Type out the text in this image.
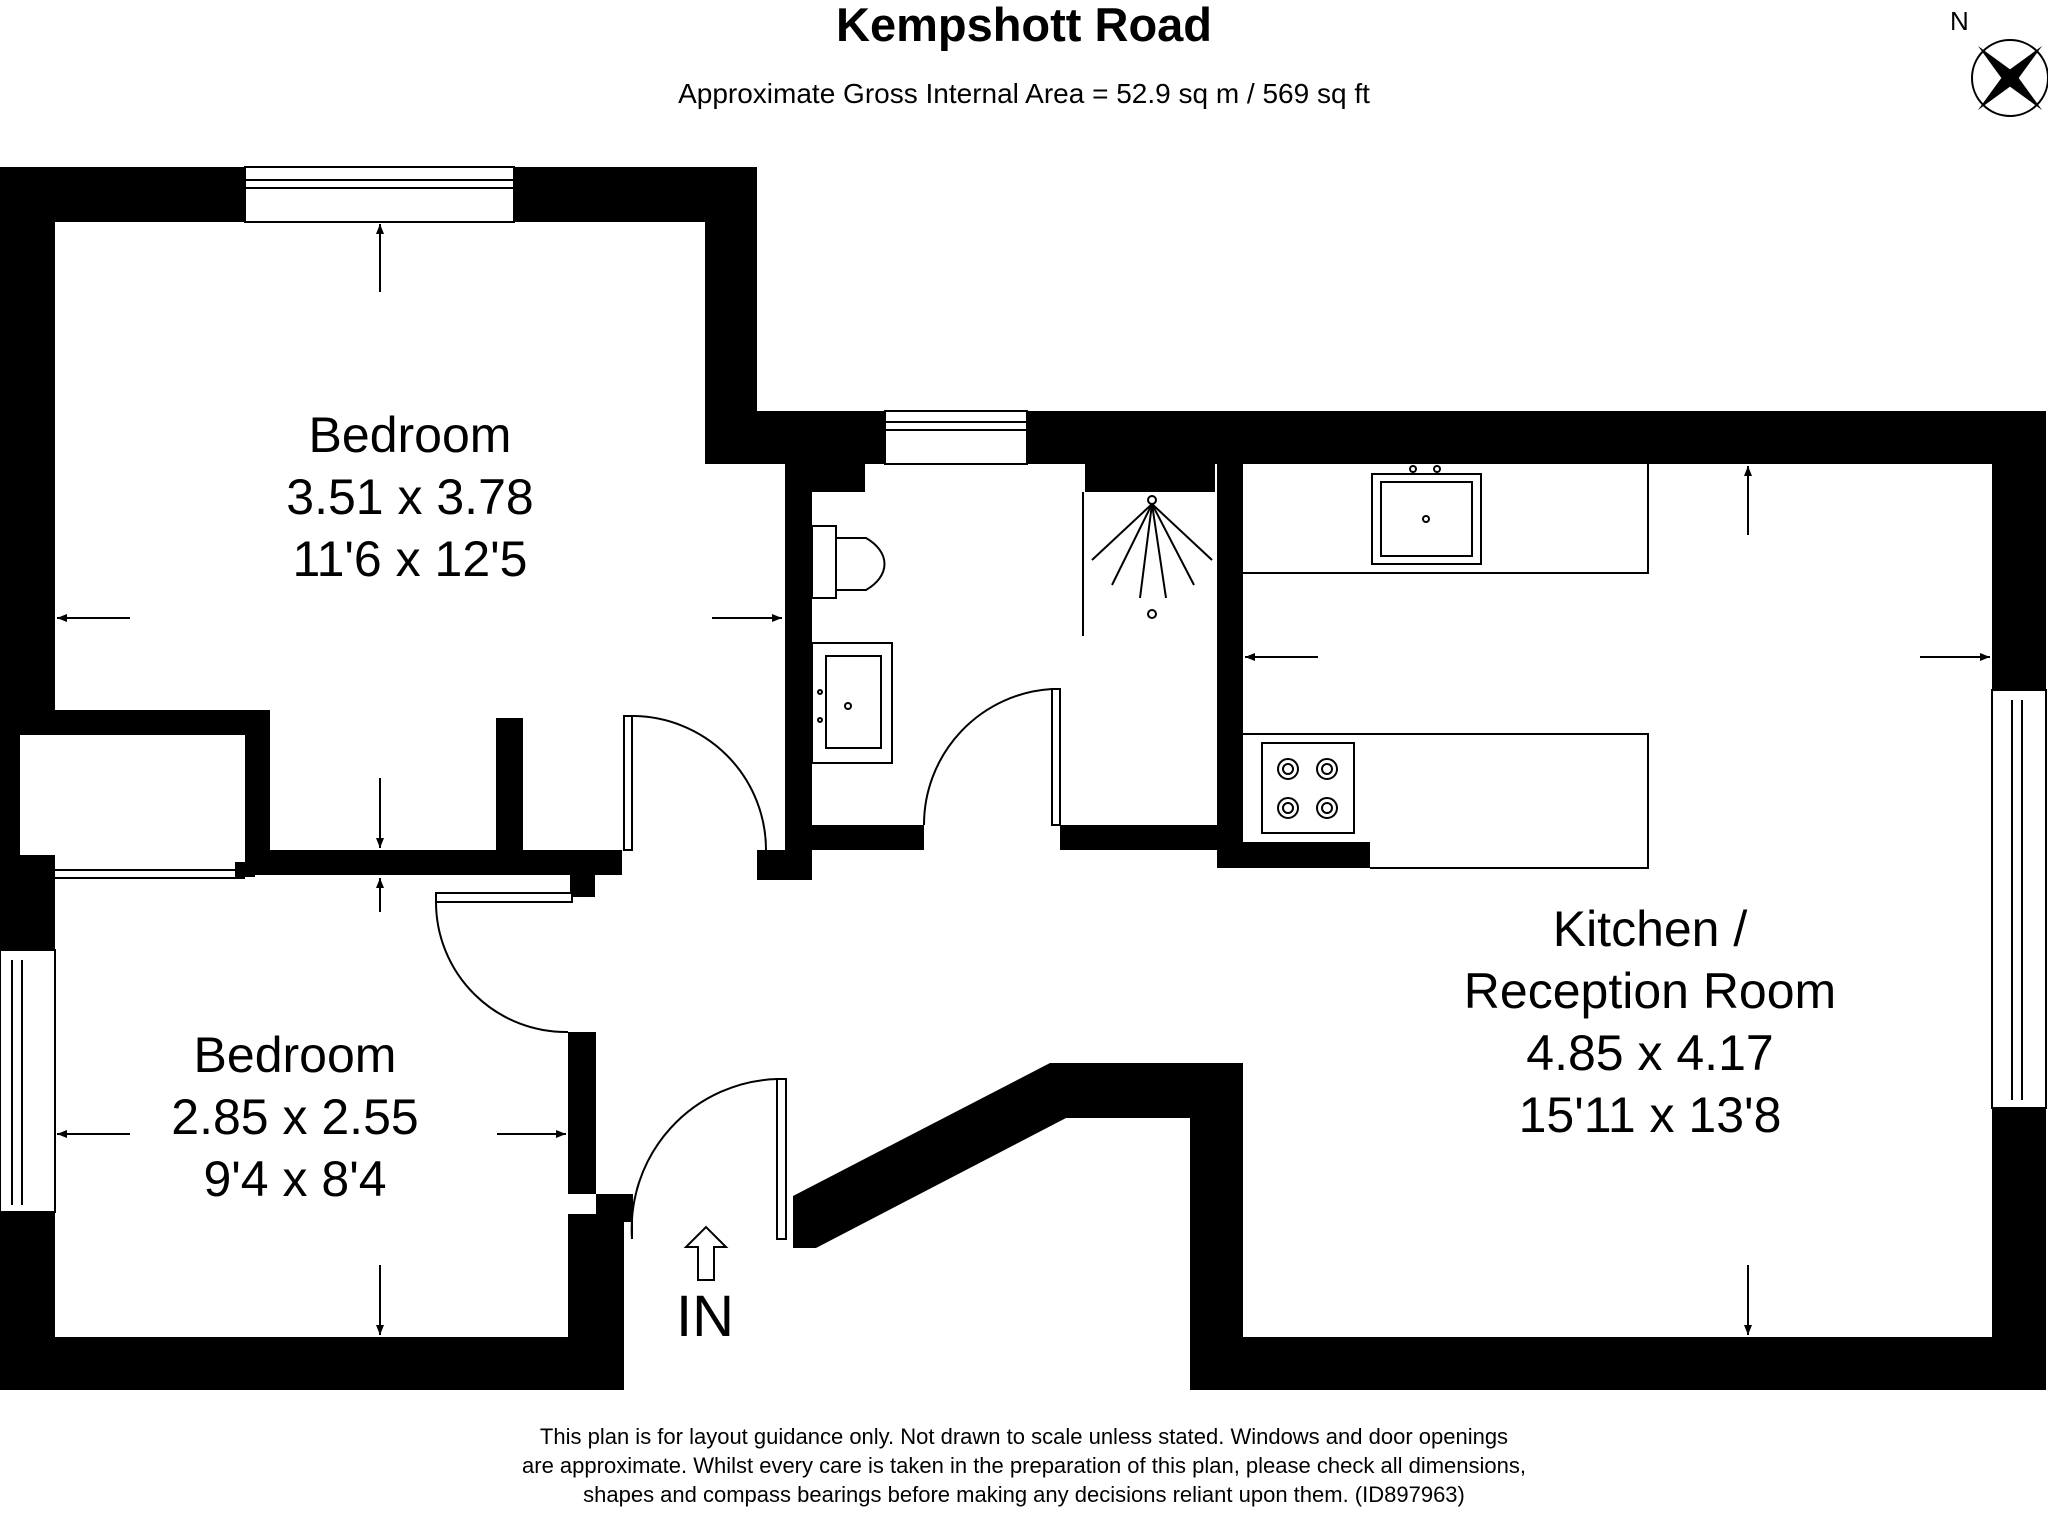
Kempshott Road
Approximate Gross Internal Area = 52.9 sq m / 569 sq ft
N
Bedroom
3.51 x 3.78
11'6 x 12'5
Bedroom
2.85 x 2.55
9'4 x 8'4
Kitchen /
Reception Room
4.85 x 4.17
15'11 x 13'8
IN
This plan is for layout guidance only. Not drawn to scale unless stated. Windows and door openings
are approximate. Whilst every care is taken in the preparation of this plan, please check all dimensions,
shapes and compass bearings before making any decisions reliant upon them. (ID897963)
